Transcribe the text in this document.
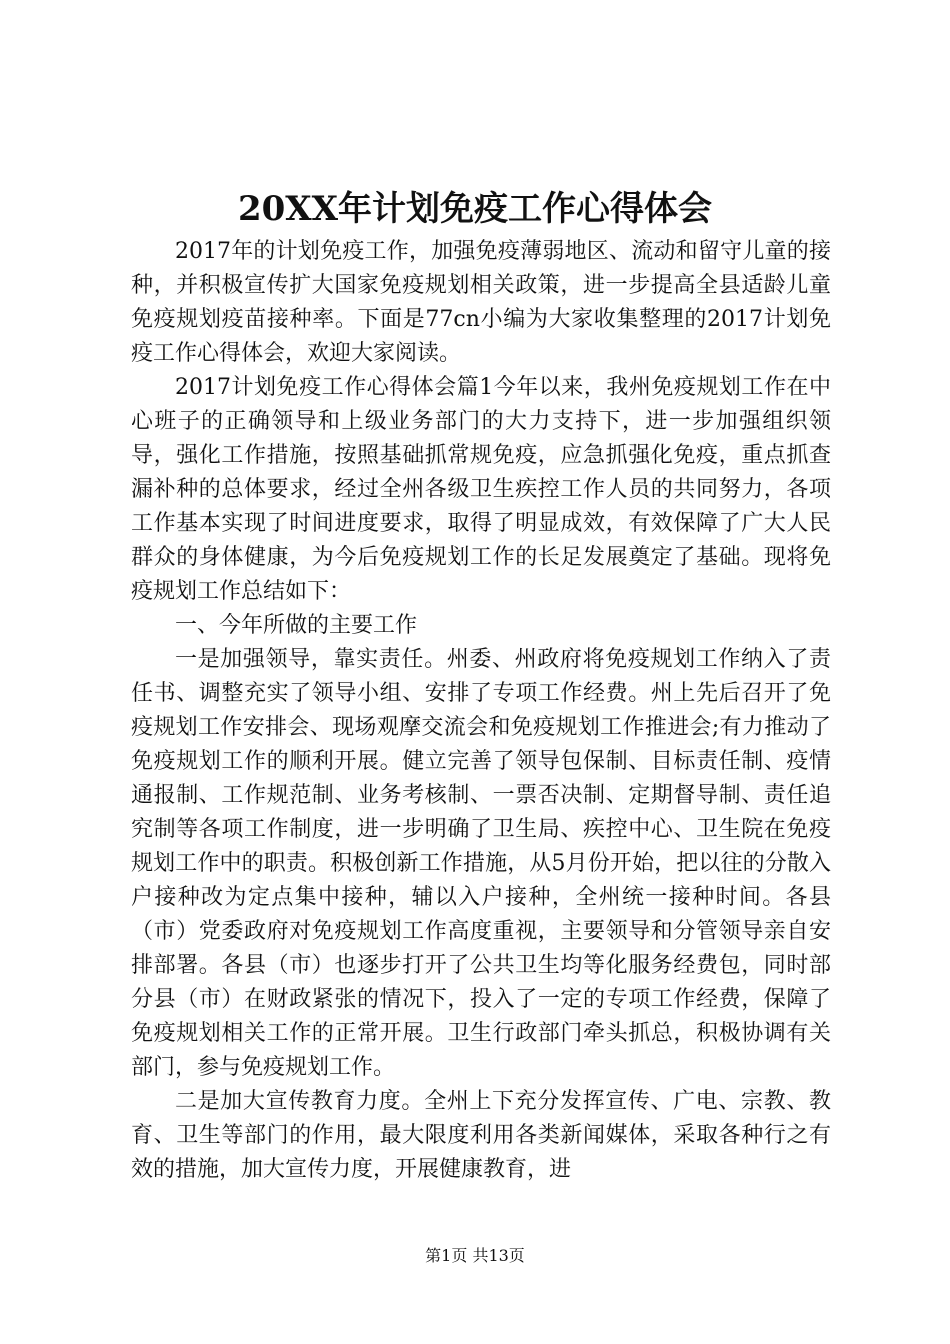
20XX年计划免疫工作心得体会

2017年的计划免疫工作，加强免疫薄弱地区、流动和留守儿童的接种，并积极宣传扩大国家免疫规划相关政策，进一步提高全县适龄儿童免疫规划疫苗接种率。下面是77cn小编为大家收集整理的2017计划免疫工作心得体会，欢迎大家阅读。

2017计划免疫工作心得体会篇1今年以来，我州免疫规划工作在中心班子的正确领导和上级业务部门的大力支持下，进一步加强组织领导，强化工作措施，按照基础抓常规免疫，应急抓强化免疫，重点抓查漏补种的总体要求，经过全州各级卫生疾控工作人员的共同努力，各项工作基本实现了时间进度要求，取得了明显成效，有效保障了广大人民群众的身体健康，为今后免疫规划工作的长足发展奠定了基础。现将免疫规划工作总结如下：

一、今年所做的主要工作

一是加强领导，靠实责任。州委、州政府将免疫规划工作纳入了责任书、调整充实了领导小组、安排了专项工作经费。州上先后召开了免疫规划工作安排会、现场观摩交流会和免疫规划工作推进会;有力推动了免疫规划工作的顺利开展。健立完善了领导包保制、目标责任制、疫情通报制、工作规范制、业务考核制、一票否决制、定期督导制、责任追究制等各项工作制度，进一步明确了卫生局、疾控中心、卫生院在免疫规划工作中的职责。积极创新工作措施，从5月份开始，把以往的分散入户接种改为定点集中接种，辅以入户接种，全州统一接种时间。各县（市）党委政府对免疫规划工作高度重视，主要领导和分管领导亲自安排部署。各县（市）也逐步打开了公共卫生均等化服务经费包，同时部分县（市）在财政紧张的情况下，投入了一定的专项工作经费，保障了免疫规划相关工作的正常开展。卫生行政部门牵头抓总，积极协调有关部门，参与免疫规划工作。

二是加大宣传教育力度。全州上下充分发挥宣传、广电、宗教、教育、卫生等部门的作用，最大限度利用各类新闻媒体，采取各种行之有效的措施，加大宣传力度，开展健康教育，进

第1页 共13页
